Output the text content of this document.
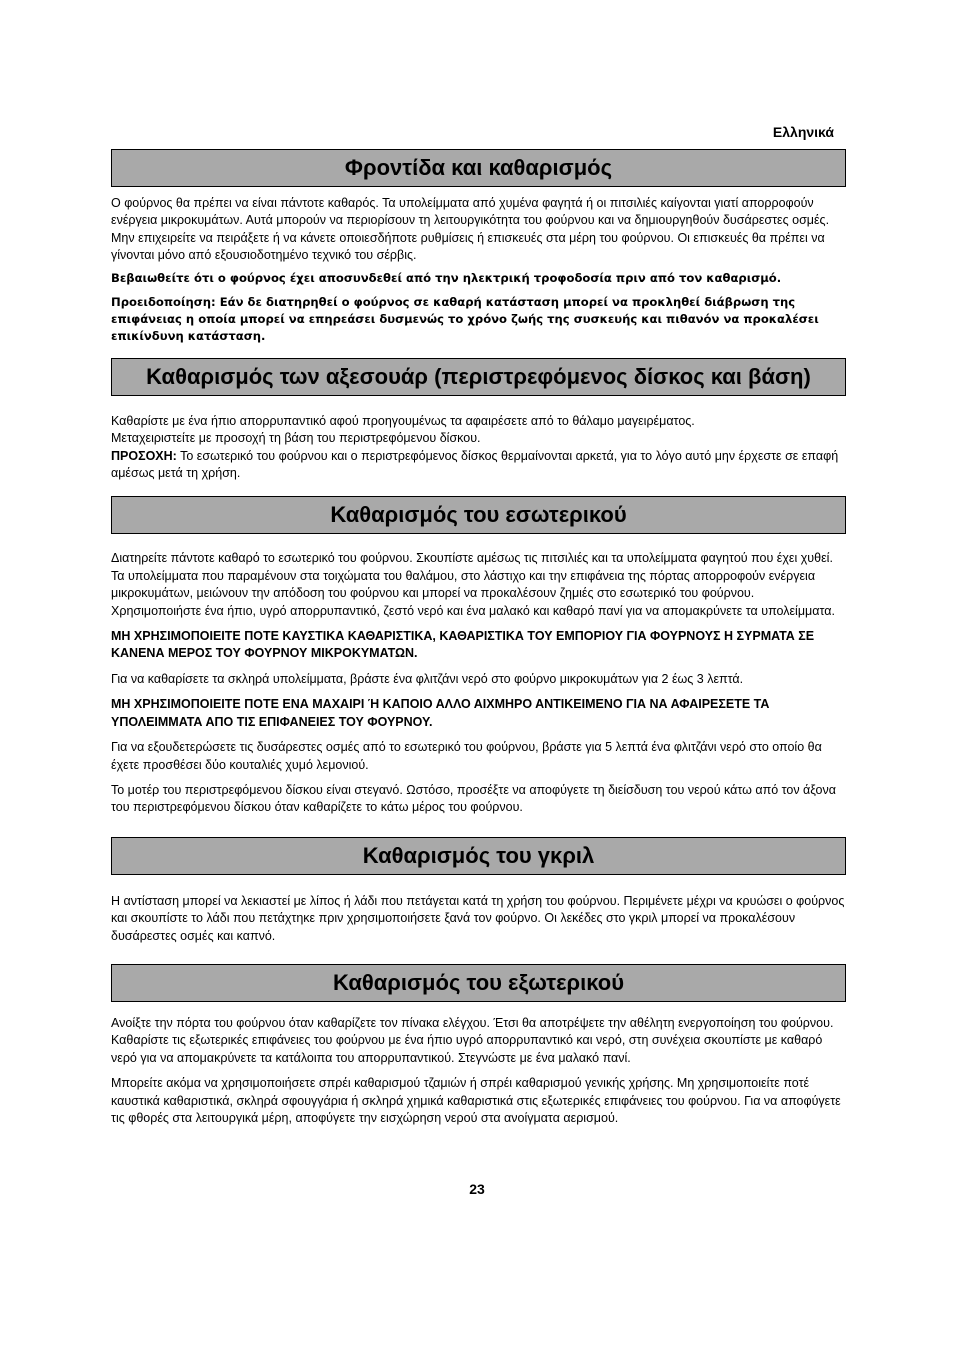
Ελληνικά
Φροντίδα και καθαρισμός

Ο φούρνος θα πρέπει να είναι πάντοτε καθαρός. Τα υπολείμματα από χυμένα φαγητά ή οι πιτσιλιές καίγονται γιατί απορροφούν ενέργεια μικροκυμάτων. Αυτά μπορούν να περιορίσουν τη λειτουργικότητα του φούρνου και να δημιουργηθούν δυσάρεστες οσμές. Μην επιχειρείτε να πειράξετε ή να κάνετε οποιεσδήποτε ρυθμίσεις ή επισκευές στα μέρη του φούρνου. Οι επισκευές θα πρέπει να γίνονται μόνο από εξουσιοδοτημένο τεχνικό του σέρβις.

Βεβαιωθείτε ότι ο φούρνος έχει αποσυνδεθεί από την ηλεκτρική τροφοδοσία πριν από τον καθαρισμό.

Προειδοποίηση: Εάν δε διατηρηθεί ο φούρνος σε καθαρή κατάσταση μπορεί να προκληθεί διάβρωση της επιφάνειας η οποία μπορεί να επηρεάσει δυσμενώς το χρόνο ζωής της συσκευής και πιθανόν να προκαλέσει επικίνδυνη κατάσταση.

Καθαρισμός των αξεσουάρ (περιστρεφόμενος δίσκος και βάση)

Καθαρίστε με ένα ήπιο απορρυπαντικό αφού προηγουμένως τα αφαιρέσετε από το θάλαμο μαγειρέματος.

Μεταχειριστείτε με προσοχή τη βάση του περιστρεφόμενου δίσκου.

ΠΡΟΣΟΧΗ: Το εσωτερικό του φούρνου και ο περιστρεφόμενος δίσκος θερμαίνονται αρκετά, για το λόγο αυτό μην έρχεστε σε επαφή αμέσως μετά τη χρήση.

Καθαρισμός του εσωτερικού

Διατηρείτε πάντοτε καθαρό το εσωτερικό του φούρνου. Σκουπίστε αμέσως τις πιτσιλιές και τα υπολείμματα φαγητού που έχει χυθεί. Τα υπολείμματα που παραμένουν στα τοιχώματα του θαλάμου, στο λάστιχο και την επιφάνεια της πόρτας απορροφούν ενέργεια μικροκυμάτων, μειώνουν την απόδοση του φούρνου και μπορεί να προκαλέσουν ζημιές στο εσωτερικό του φούρνου. Χρησιμοποιήστε ένα ήπιο, υγρό απορρυπαντικό, ζεστό νερό και ένα μαλακό και καθαρό πανί για να απομακρύνετε τα υπολείμματα.

ΜΗ ΧΡΗΣΙΜΟΠΟΙΕΙΤΕ ΠΟΤΕ ΚΑΥΣΤΙΚΑ ΚΑΘΑΡΙΣΤΙΚΑ, ΚΑΘΑΡΙΣΤΙΚΑ ΤΟΥ ΕΜΠΟΡΙΟΥ ΓΙΑ ΦΟΥΡΝΟΥΣ Η ΣΥΡΜΑΤΑ ΣΕ ΚΑΝΕΝΑ ΜΕΡΟΣ ΤΟΥ ΦΟΥΡΝΟΥ ΜΙΚΡΟΚΥΜΑΤΩΝ.

Για να καθαρίσετε τα σκληρά υπολείμματα, βράστε ένα φλιτζάνι νερό στο φούρνο μικροκυμάτων για 2 έως 3 λεπτά.

ΜΗ ΧΡΗΣΙΜΟΠΟΙΕΙΤΕ ΠΟΤΕ ΕΝΑ ΜΑΧΑΙΡΙ Ή ΚΑΠΟΙΟ ΑΛΛΟ ΑΙΧΜΗΡΟ ΑΝΤΙΚΕΙΜΕΝΟ ΓΙΑ ΝΑ ΑΦΑΙΡΕΣΕΤΕ ΤΑ ΥΠΟΛΕΙΜΜΑΤΑ ΑΠΟ ΤΙΣ ΕΠΙΦΑΝΕΙΕΣ ΤΟΥ ΦΟΥΡΝΟΥ.

Για να εξουδετερώσετε τις δυσάρεστες οσμές από το εσωτερικό του φούρνου, βράστε για 5 λεπτά ένα φλιτζάνι νερό στο οποίο θα έχετε προσθέσει δύο κουταλιές χυμό λεμονιού.

Το μοτέρ του περιστρεφόμενου δίσκου είναι στεγανό. Ωστόσο, προσέξτε να αποφύγετε τη διείσδυση του νερού κάτω από τον άξονα του περιστρεφόμενου δίσκου όταν καθαρίζετε το κάτω μέρος του φούρνου.

Καθαρισμός του γκριλ

Η αντίσταση μπορεί να λεκιαστεί με λίπος ή λάδι που πετάγεται κατά τη χρήση του φούρνου. Περιμένετε μέχρι να κρυώσει ο φούρνος και σκουπίστε το λάδι που πετάχτηκε πριν χρησιμοποιήσετε ξανά τον φούρνο. Οι λεκέδες στο γκριλ μπορεί να προκαλέσουν δυσάρεστες οσμές και καπνό.

Καθαρισμός του εξωτερικού

Ανοίξτε την πόρτα του φούρνου όταν καθαρίζετε τον πίνακα ελέγχου. Έτσι θα αποτρέψετε την αθέλητη ενεργοποίηση του φούρνου. Καθαρίστε τις εξωτερικές επιφάνειες του φούρνου με ένα ήπιο υγρό απορρυπαντικό και νερό, στη συνέχεια σκουπίστε με καθαρό νερό για να απομακρύνετε τα κατάλοιπα του απορρυπαντικού. Στεγνώστε με ένα μαλακό πανί.

Μπορείτε ακόμα να χρησιμοποιήσετε σπρέι καθαρισμού τζαμιών ή σπρέι καθαρισμού γενικής χρήσης. Μη χρησιμοποιείτε ποτέ καυστικά καθαριστικά, σκληρά σφουγγάρια ή σκληρά χημικά καθαριστικά στις εξωτερικές επιφάνειες του φούρνου. Για να αποφύγετε τις φθορές στα λειτουργικά μέρη, αποφύγετε την εισχώρηση νερού στα ανοίγματα αερισμού.

23
